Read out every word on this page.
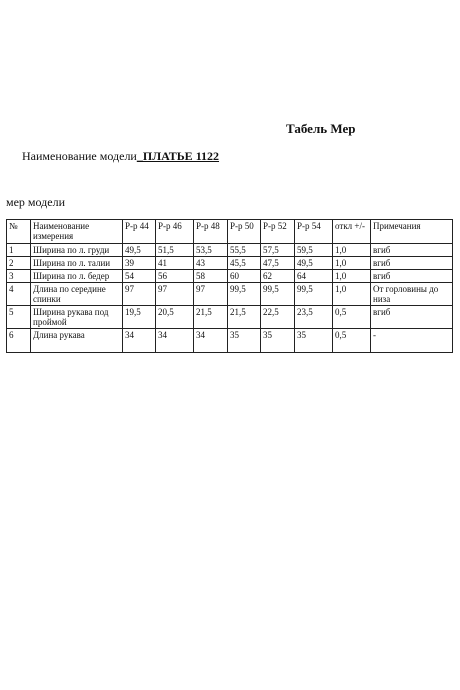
Табель Мер
Наименование модели_ПЛАТЬЕ 1122
мер модели
№	Наименование измерения	Р-р 44	Р-р 46	Р-р 48	Р-р 50	Р-р 52	Р-р 54	откл +/-	Примечания
1	Ширина по л. груди	49,5	51,5	53,5	55,5	57,5	59,5	1,0	вгиб
2	Ширина по л. талии	39	41	43	45,5	47,5	49,5	1,0	вгиб
3	Ширина по л. бедер	54	56	58	60	62	64	1,0	вгиб
4	Длина по середине спинки	97	97	97	99,5	99,5	99,5	1,0	От горловины до низа
5	Ширина рукава под проймой	19,5	20,5	21,5	21,5	22,5	23,5	0,5	вгиб
6	Длина рукава	34	34	34	35	35	35	0,5	-
